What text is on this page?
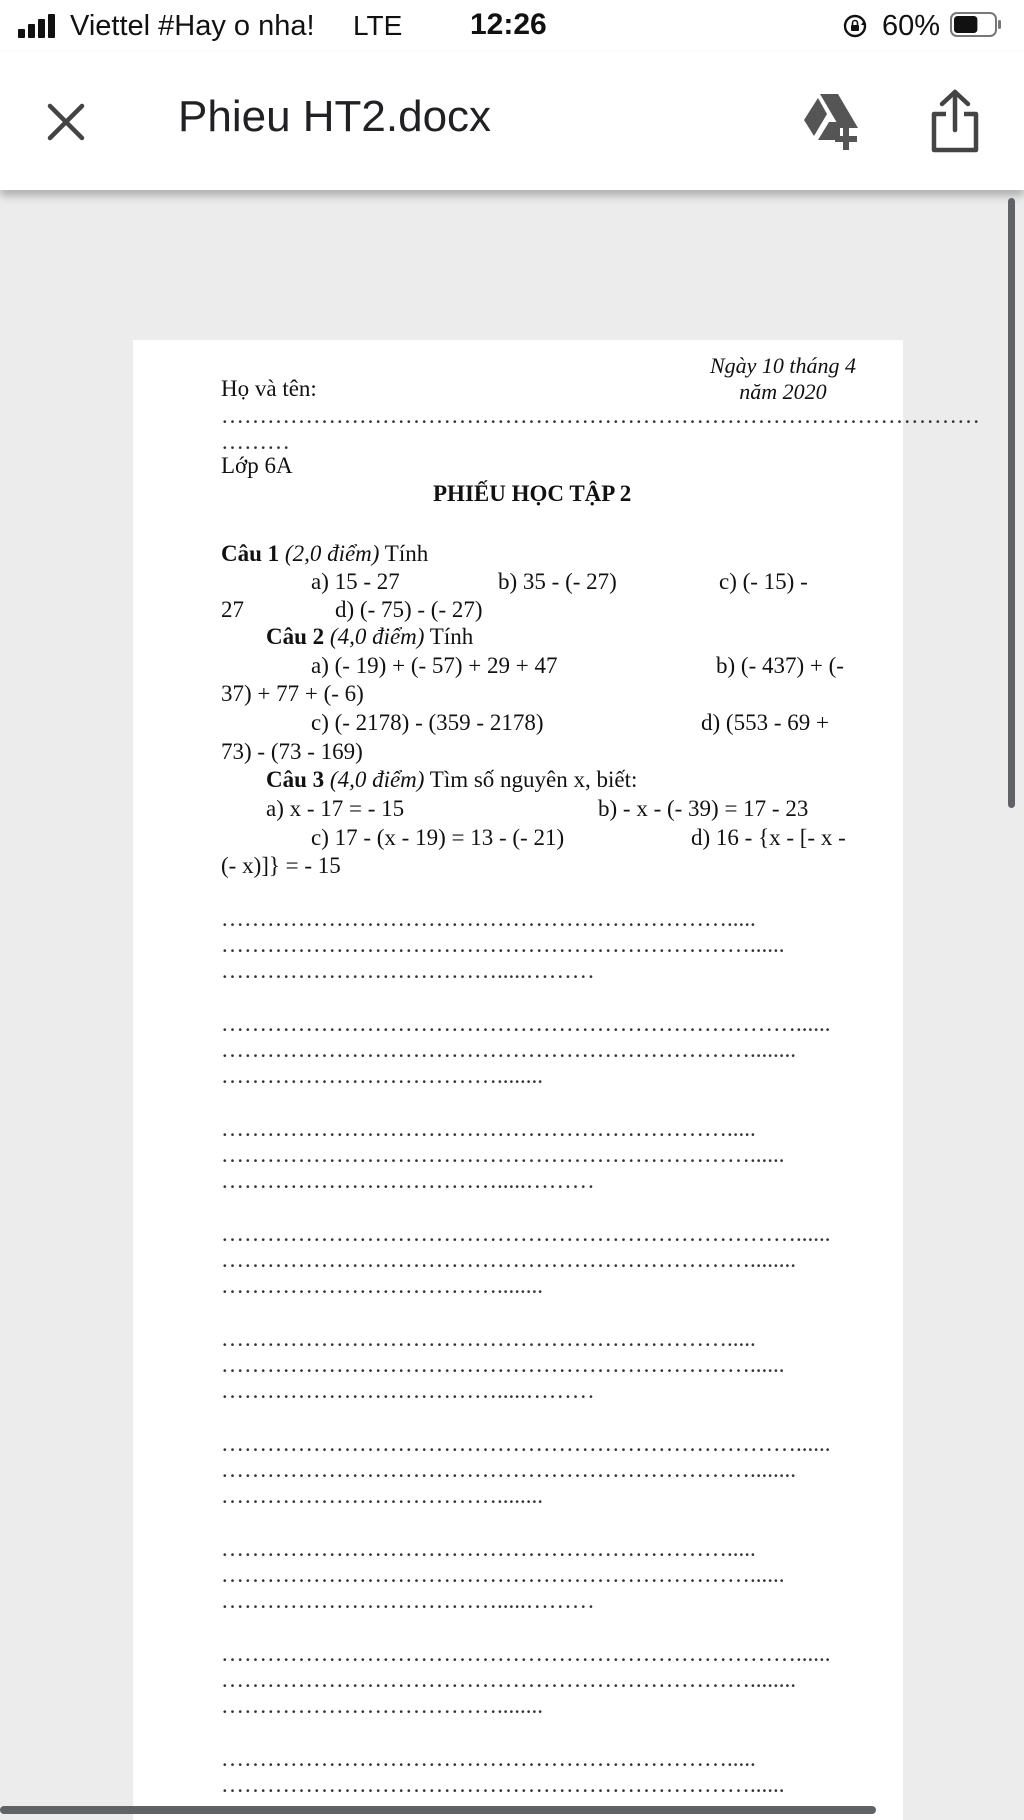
Viettel #Hay o nha! LTE 12:26	60%
Phieu HT2.docx
Họ và tên:
Ngày 10 tháng 4
năm 2020
………………………………………………………………………………………
………
Lớp 6A
PHIẾU HỌC TẬP 2
Câu 1 (2,0 điểm) Tính
a) 15 - 27	b) 35 - (- 27)	c) (- 15) -
27	d) (- 75) - (- 27)
Câu 2 (4,0 điểm) Tính
a) (- 19) + (- 57) + 29 + 47	b) (- 437) + (-
37) + 77 + (- 6)
c) (- 2178) - (359 - 2178)	d) (553 - 69 +
73) - (73 - 169)
Câu 3 (4,0 điểm) Tìm số nguyên x, biết:
a) x - 17 = - 15	b) - x - (- 39) = 17 - 23
c) 17 - (x - 19) = 13 - (- 21)	d) 16 - {x - [- x -
(- x)]} = - 15
………………………………………………………….....
……………………………………………………………......
……………………………….....………
…………………………………………………………………......
……………………………………………………………........
………………………………........
………………………………………………………….....
……………………………………………………………......
……………………………….....………
…………………………………………………………………......
……………………………………………………………........
………………………………........
………………………………………………………….....
……………………………………………………………......
……………………………….....………
…………………………………………………………………......
……………………………………………………………........
………………………………........
………………………………………………………….....
……………………………………………………………......
……………………………….....………
…………………………………………………………………......
……………………………………………………………........
………………………………........
………………………………………………………….....
……………………………………………………………......
